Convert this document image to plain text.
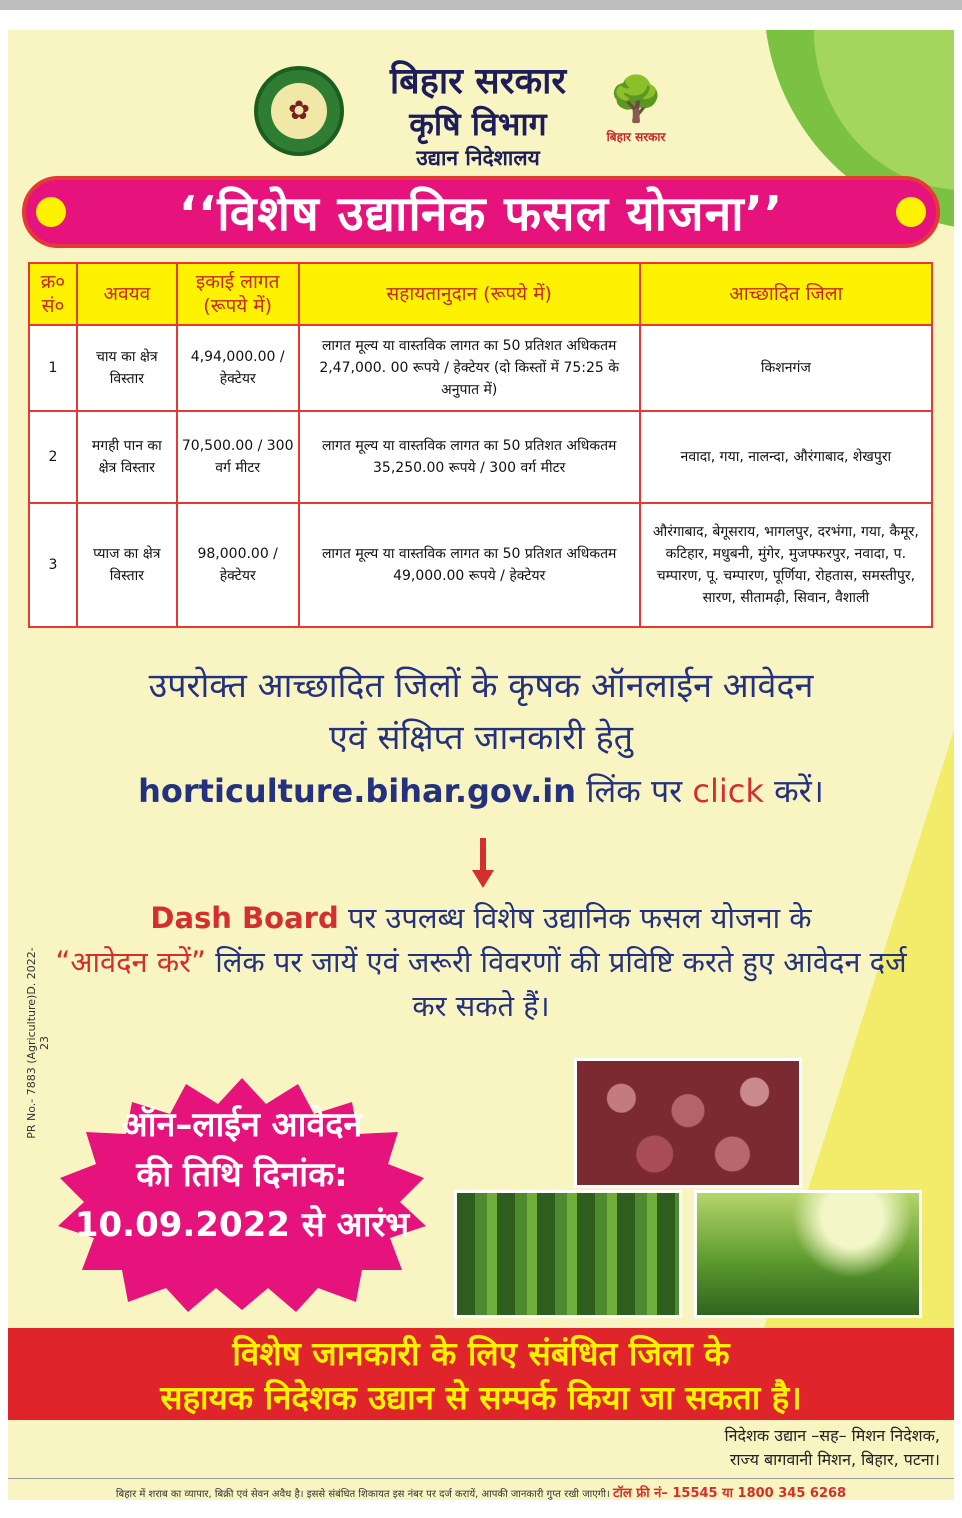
✿
बिहार सरकार
कृषि विभाग
उद्यान निदेशालय
🌳
बिहार सरकार
‘‘विशेष उद्यानिक फसल योजना’’
क्र० सं०	अवयव	इकाई लागत (रूपये में)	सहायतानुदान (रूपये में)	आच्छादित जिला
1	चाय का क्षेत्र विस्तार	4,94,000.00 / हेक्टेयर	लागत मूल्य या वास्तविक लागत का 50 प्रतिशत अधिकतम 2,47,000. 00 रूपये / हेक्टेयर (दो किस्तों में 75:25 के अनुपात में)	किशनगंज
2	मगही पान का क्षेत्र विस्तार	70,500.00 / 300 वर्ग मीटर	लागत मूल्य या वास्तविक लागत का 50 प्रतिशत अधिकतम 35,250.00 रूपये / 300 वर्ग मीटर	नवादा, गया, नालन्दा, औरंगाबाद, शेखपुरा
3	प्याज का क्षेत्र विस्तार	98,000.00 / हेक्टेयर	लागत मूल्य या वास्तविक लागत का 50 प्रतिशत अधिकतम 49,000.00 रूपये / हेक्टेयर	औरंगाबाद, बेगूसराय, भागलपुर, दरभंगा, गया, कैमूर, कटिहार, मधुबनी, मुंगेर, मुजफ्फरपुर, नवादा, प. चम्पारण, पू. चम्पारण, पूर्णिया, रोहतास, समस्तीपुर, सारण, सीतामढ़ी, सिवान, वैशाली
उपरोक्त आच्छादित जिलों के कृषक ऑनलाईन आवेदन
एवं संक्षिप्त जानकारी हेतु
horticulture.bihar.gov.in लिंक पर click करें।
Dash Board पर उपलब्ध विशेष उद्यानिक फसल योजना के
“आवेदन करें” लिंक पर जायें एवं जरूरी विवरणों की प्रविष्टि करते हुए आवेदन दर्ज कर सकते हैं।
PR No.- 7883 (Agriculture)D. 2022-23
ऑन–लाईन आवेदन
की तिथि दिनांक:
10.09.2022 से आरंभ
विशेष जानकारी के लिए संबंधित जिला के
सहायक निदेशक उद्यान से सम्पर्क किया जा सकता है।
निदेशक उद्यान –सह– मिशन निदेशक,
राज्य बागवानी मिशन, बिहार, पटना।
बिहार में शराब का व्यापार, बिक्री एवं सेवन अवैध है। इससे संबंधित शिकायत इस नंबर पर दर्ज करायें, आपकी जानकारी गुप्त रखी जाएगी। टॉल फ्री नं– 15545 या 1800 345 6268
